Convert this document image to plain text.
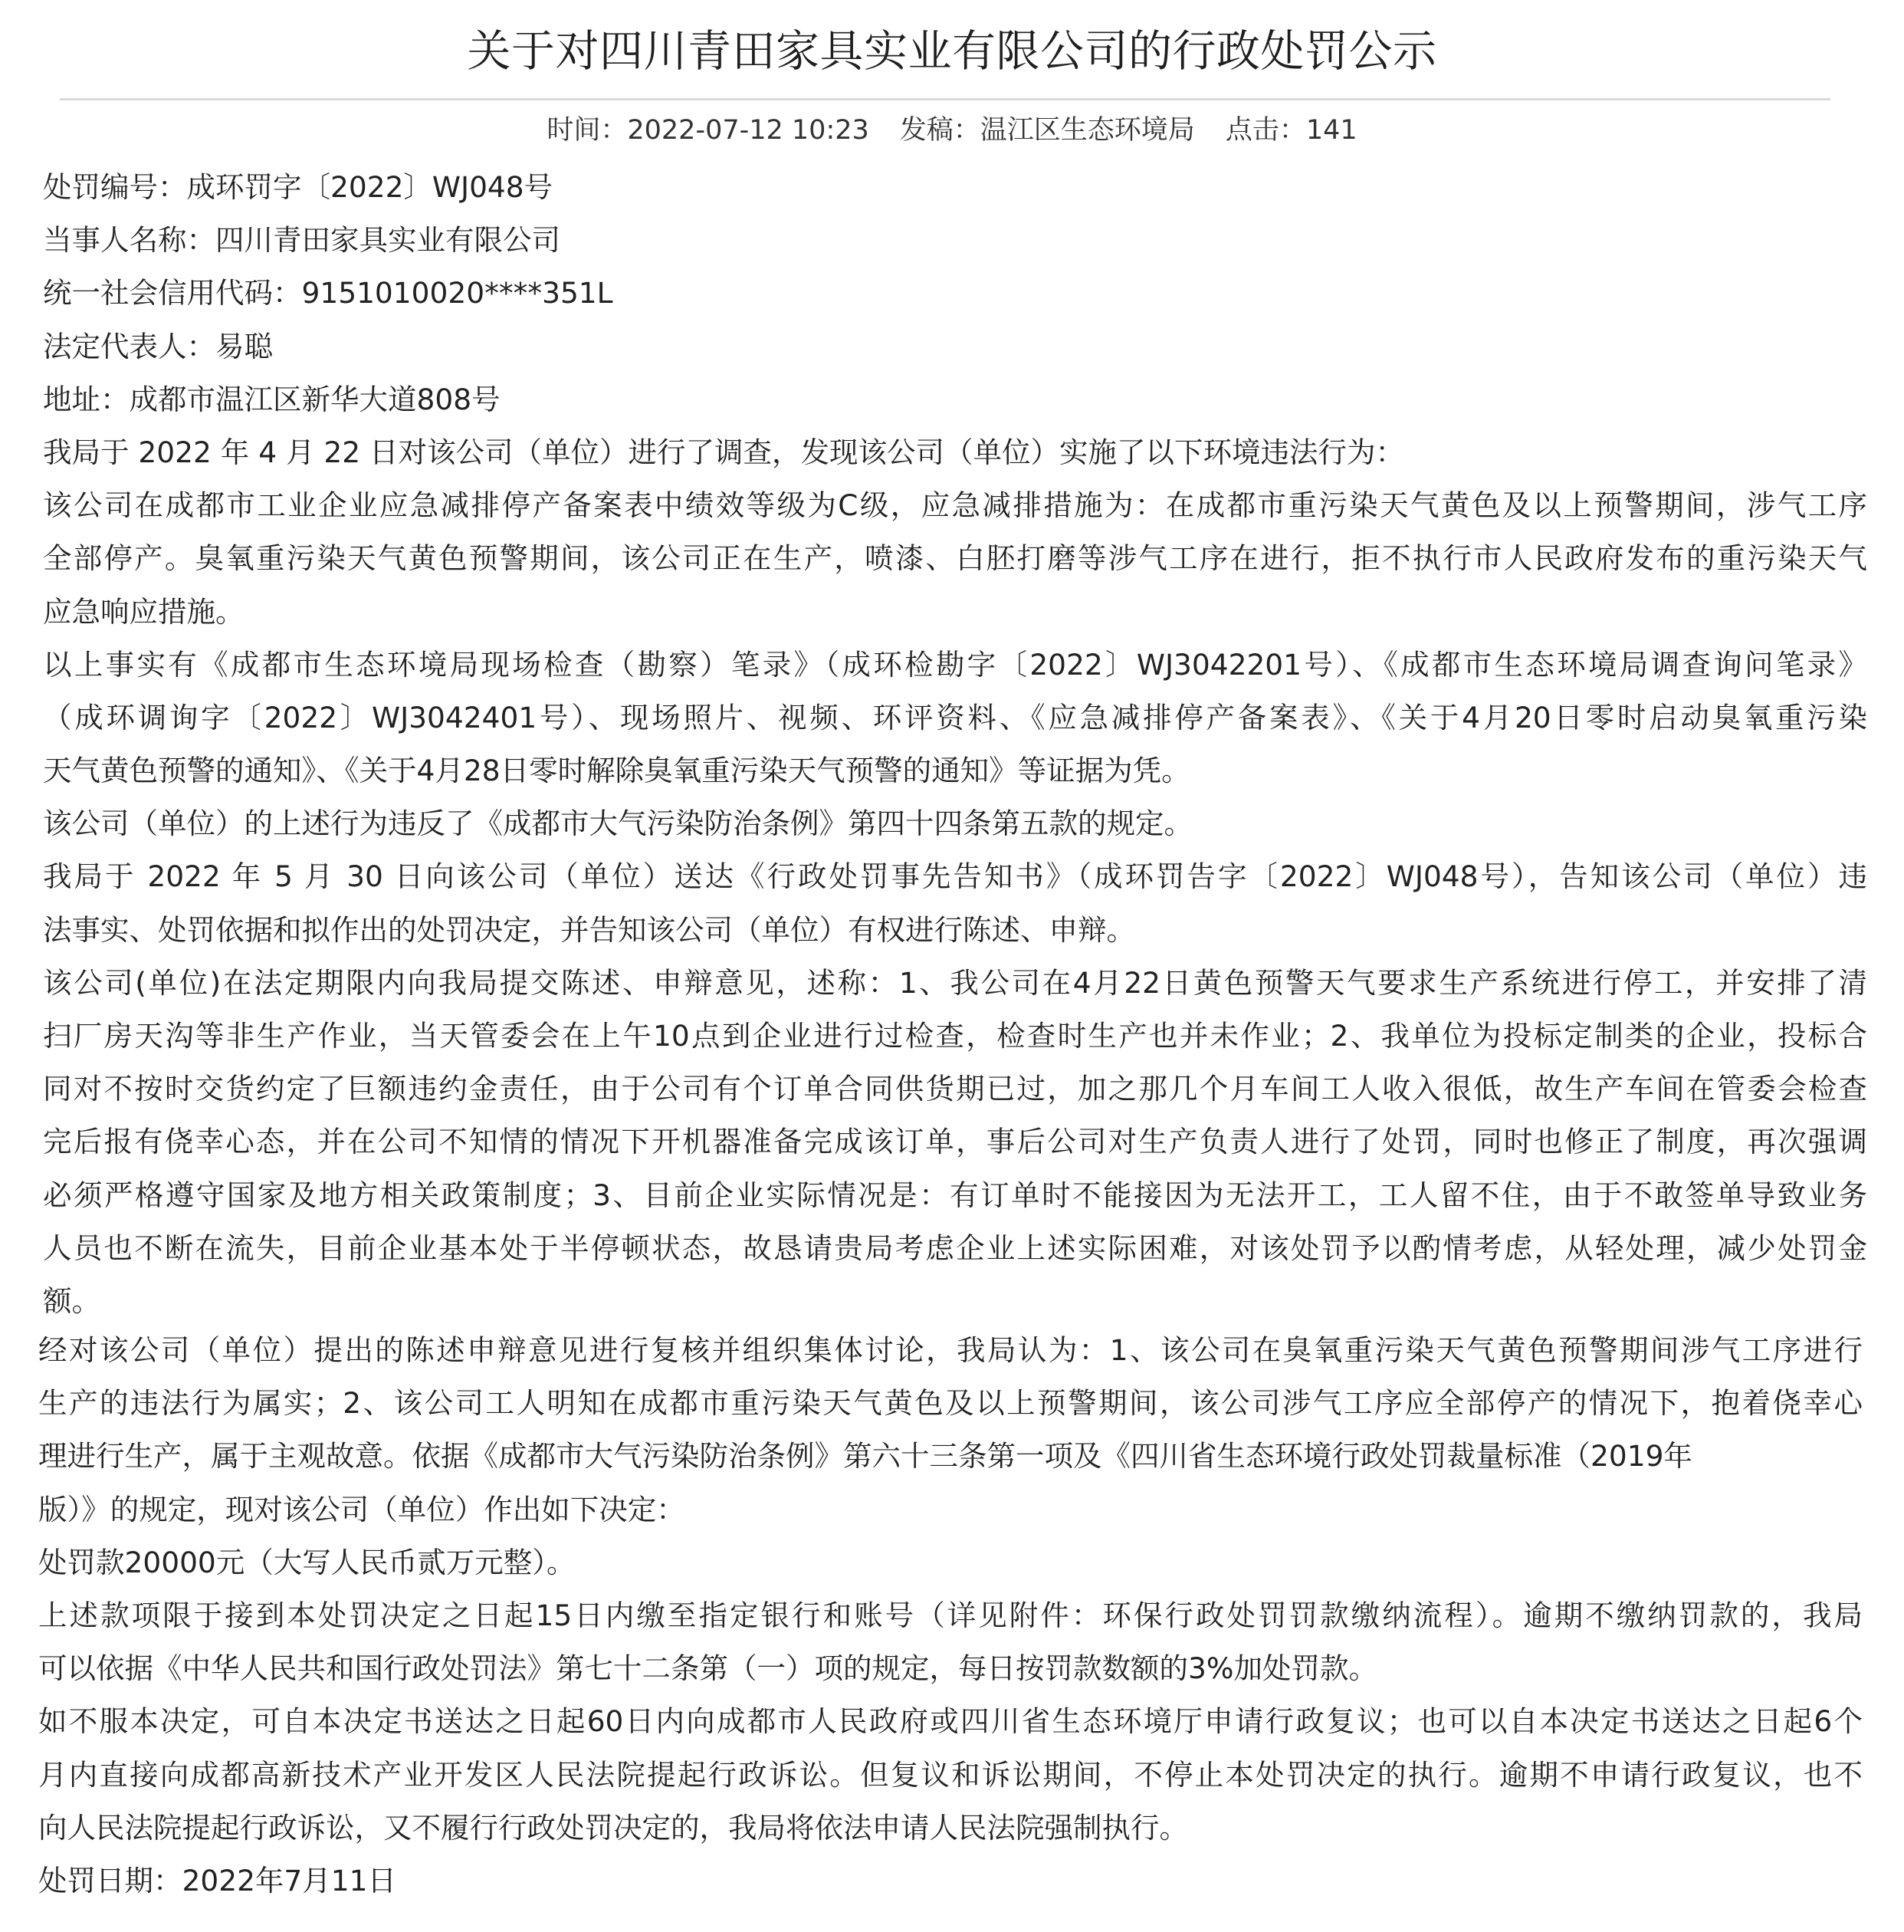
关于对四川青田家具实业有限公司的行政处罚公示
时间：2022-07-12 10:23 发稿：温江区生态环境局 点击：141
处罚编号：成环罚字〔2022〕WJ048号
当事人名称：四川青田家具实业有限公司
统一社会信用代码：9151010020****351L
法定代表人：易聪
地址：成都市温江区新华大道808号
我局于 2022 年 4 月 22 日对该公司（单位）进行了调查，发现该公司（单位）实施了以下环境违法行为：
该公司在成都市工业企业应急减排停产备案表中绩效等级为C级，应急减排措施为：在成都市重污染天气黄色及以上预警期间，涉气工序
全部停产。臭氧重污染天气黄色预警期间，该公司正在生产，喷漆、白胚打磨等涉气工序在进行，拒不执行市人民政府发布的重污染天气
应急响应措施。
以上事实有《成都市生态环境局现场检查（勘察）笔录》（成环检勘字〔2022〕WJ3042201号）、《成都市生态环境局调查询问笔录》
（成环调询字〔2022〕WJ3042401号）、现场照片、视频、环评资料、《应急减排停产备案表》、《关于4月20日零时启动臭氧重污染
天气黄色预警的通知》、《关于4月28日零时解除臭氧重污染天气预警的通知》等证据为凭。
该公司（单位）的上述行为违反了《成都市大气污染防治条例》第四十四条第五款的规定。
我局于 2022 年 5 月 30 日向该公司（单位）送达《行政处罚事先告知书》（成环罚告字〔2022〕WJ048号），告知该公司（单位）违
法事实、处罚依据和拟作出的处罚决定，并告知该公司（单位）有权进行陈述、申辩。
该公司(单位)在法定期限内向我局提交陈述、申辩意见，述称：1、我公司在4月22日黄色预警天气要求生产系统进行停工，并安排了清
扫厂房天沟等非生产作业，当天管委会在上午10点到企业进行过检查，检查时生产也并未作业；2、我单位为投标定制类的企业，投标合
同对不按时交货约定了巨额违约金责任，由于公司有个订单合同供货期已过，加之那几个月车间工人收入很低，故生产车间在管委会检查
完后报有侥幸心态，并在公司不知情的情况下开机器准备完成该订单，事后公司对生产负责人进行了处罚，同时也修正了制度，再次强调
必须严格遵守国家及地方相关政策制度；3、目前企业实际情况是：有订单时不能接因为无法开工，工人留不住，由于不敢签单导致业务
人员也不断在流失，目前企业基本处于半停顿状态，故恳请贵局考虑企业上述实际困难，对该处罚予以酌情考虑，从轻处理，减少处罚金
额。
经对该公司（单位）提出的陈述申辩意见进行复核并组织集体讨论，我局认为：1、该公司在臭氧重污染天气黄色预警期间涉气工序进行
生产的违法行为属实；2、该公司工人明知在成都市重污染天气黄色及以上预警期间，该公司涉气工序应全部停产的情况下，抱着侥幸心
理进行生产，属于主观故意。依据《成都市大气污染防治条例》第六十三条第一项及《四川省生态环境行政处罚裁量标准（2019年
版）》的规定，现对该公司（单位）作出如下决定：
处罚款20000元（大写人民币贰万元整）。
上述款项限于接到本处罚决定之日起15日内缴至指定银行和账号（详见附件：环保行政处罚罚款缴纳流程）。逾期不缴纳罚款的，我局
可以依据《中华人民共和国行政处罚法》第七十二条第（一）项的规定，每日按罚款数额的3%加处罚款。
如不服本决定，可自本决定书送达之日起60日内向成都市人民政府或四川省生态环境厅申请行政复议；也可以自本决定书送达之日起6个
月内直接向成都高新技术产业开发区人民法院提起行政诉讼。但复议和诉讼期间，不停止本处罚决定的执行。逾期不申请行政复议，也不
向人民法院提起行政诉讼，又不履行行政处罚决定的，我局将依法申请人民法院强制执行。
处罚日期：2022年7月11日
